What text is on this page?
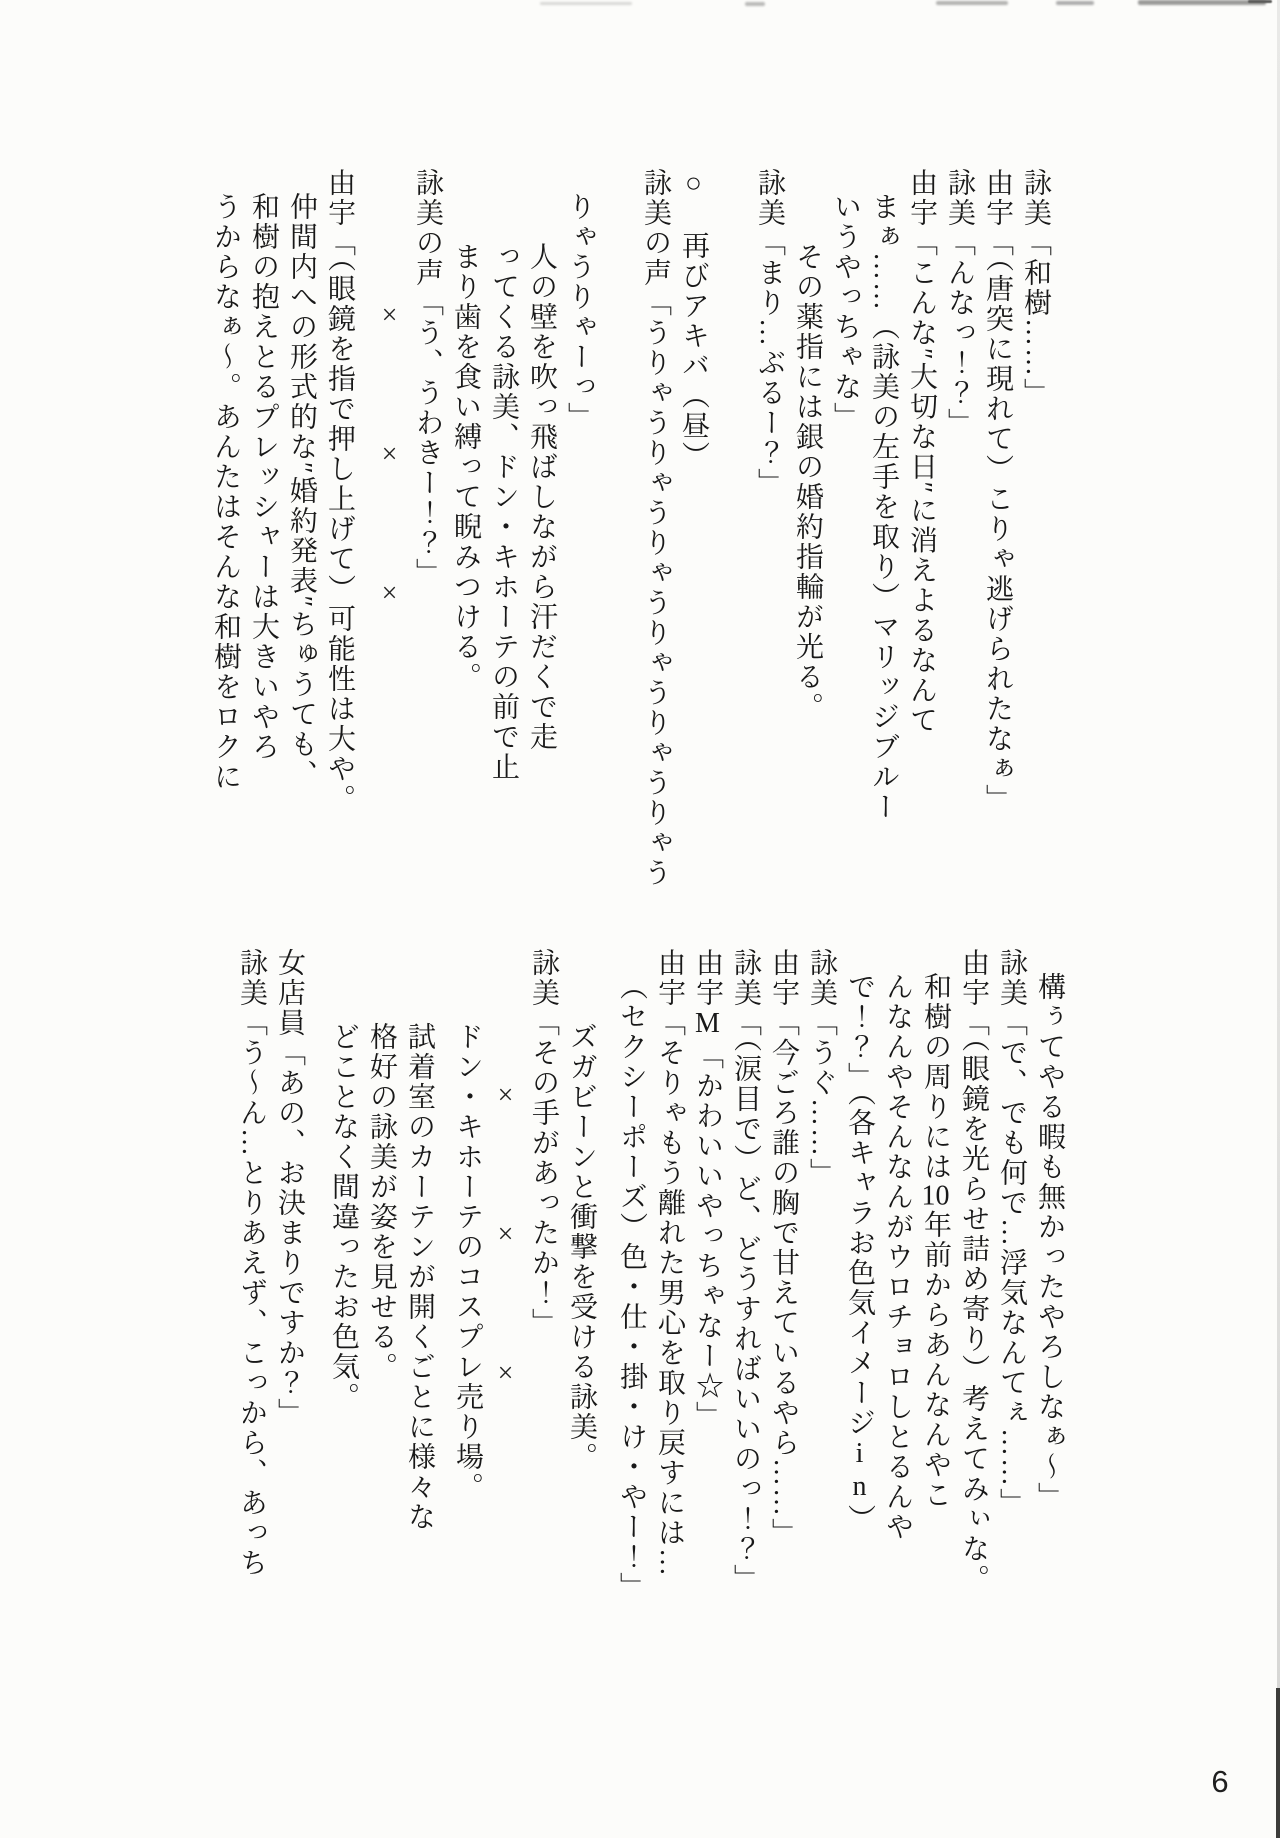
詠美「和樹……」
由宇「（唐突に現れて）こりゃ逃げられたなぁ」
詠美「んなっ！？」
由宇「こんな″大切な日″に消えよるなんて
まぁ……（詠美の左手を取り）マリッジブルー
いうやっちゃな」
その薬指には銀の婚約指輪が光る。
詠美「まり…ぶるー？」
○　再びアキバ（昼）
詠美の声「うりゃうりゃうりゃうりゃうりゃうりゃう
りゃうりゃーっ」
人の壁を吹っ飛ばしながら汗だくで走
ってくる詠美、ドン・キホーテの前で止
まり歯を食い縛って睨みつける。
詠美の声「う、うわきー！？」
×××
由宇「（眼鏡を指で押し上げて）可能性は大や。
仲間内への形式的な″婚約発表″ちゅうても、
和樹の抱えとるプレッシャーは大きいやろ
うからなぁ～。あんたはそんな和樹をロクに
構ぅてやる暇も無かったやろしなぁ～」
詠美「で、でも何で…浮気なんてぇ……」
由宇「（眼鏡を光らせ詰め寄り）考えてみぃな。
和樹の周りには10年前からあんなんやこ
んなんやそんなんがウロチョロしとるんや
で！？」（各キャラお色気イメージin）
詠美「うぐ……」
由宇「今ごろ誰の胸で甘えているやら……」
詠美「（涙目で）ど、どうすればいいのっ！？」
由宇M「かわいいやっちゃなー☆」
由宇「そりゃもう離れた男心を取り戻すには…
（セクシーポーズ）色・仕・掛・け・やー！」
ズガビーンと衝撃を受ける詠美。
詠美「その手があったか！」
×××
ドン・キホーテのコスプレ売り場。
試着室のカーテンが開くごとに様々な
格好の詠美が姿を見せる。
どことなく間違ったお色気。
女店員「あの、お決まりですか？」
詠美「う～ん…とりあえず、こっから、あっち
6
